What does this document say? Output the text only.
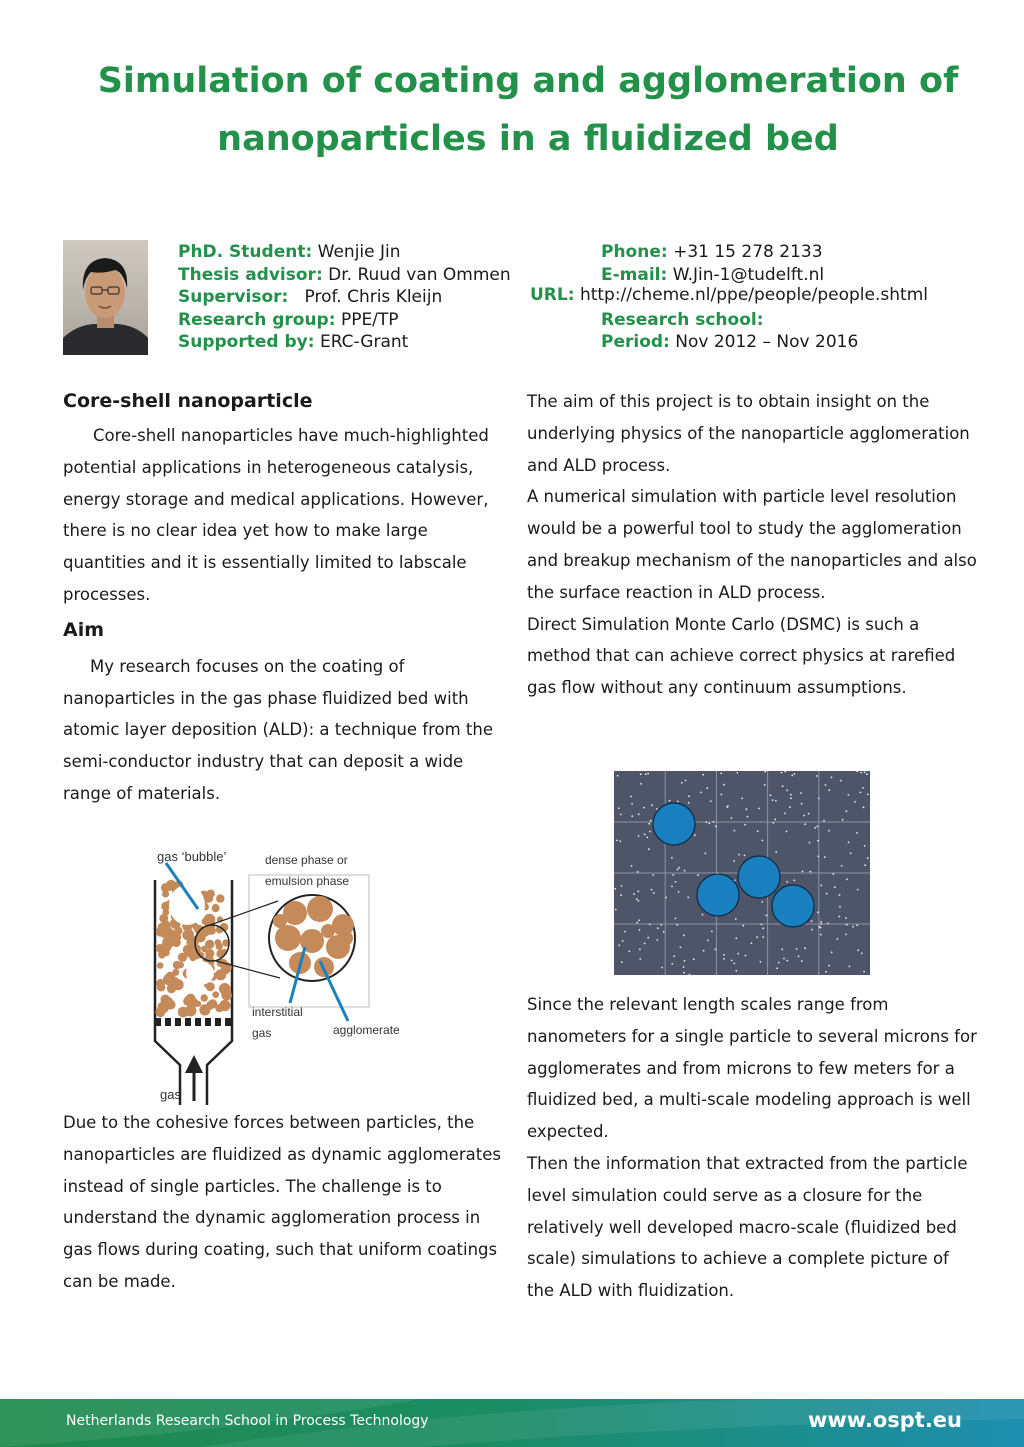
Simulation of coating and agglomeration of
nanoparticles in a fluidized bed
PhD. Student: Wenjie Jin
Thesis advisor: Dr. Ruud van Ommen
Supervisor: Prof. Chris Kleijn
Research group: PPE/TP
Supported by: ERC-Grant
Phone: +31 15 278 2133
E-mail: W.Jin-1@tudelft.nl
Research school:
Period: Nov 2012 – Nov 2016
URL: http://cheme.nl/ppe/people/people.shtml
Core-shell nanoparticle

Core-shell nanoparticles have much-highlighted potential applications in heterogeneous catalysis, energy storage and medical applications. However, there is no clear idea yet how to make large quantities and it is essentially limited to labscale processes.

Aim

My research focuses on the coating of nanoparticles in the gas phase fluidized bed with atomic layer deposition (ALD): a technique from the semi-conductor industry that can deposit a wide range of materials.

gas ‘bubble’	dense phase or
emulsion phase
interstitial
gas	agglomerate
gas

Due to the cohesive forces between particles, the nanoparticles are fluidized as dynamic agglomerates instead of single particles. The challenge is to understand the dynamic agglomeration process in gas flows during coating, such that uniform coatings can be made.

The aim of this project is to obtain insight on the underlying physics of the nanoparticle agglomeration and ALD process.

A numerical simulation with particle level resolution would be a powerful tool to study the agglomeration and breakup mechanism of the nanoparticles and also the surface reaction in ALD process.

Direct Simulation Monte Carlo (DSMC) is such a method that can achieve correct physics at rarefied gas flow without any continuum assumptions.

Since the relevant length scales range from nanometers for a single particle to several microns for agglomerates and from microns to few meters for a fluidized bed, a multi-scale modeling approach is well expected.

Then the information that extracted from the particle level simulation could serve as a closure for the relatively well developed macro-scale (fluidized bed scale) simulations to achieve a complete picture of the ALD with fluidization.

Netherlands Research School in Process Technology	www.ospt.eu
